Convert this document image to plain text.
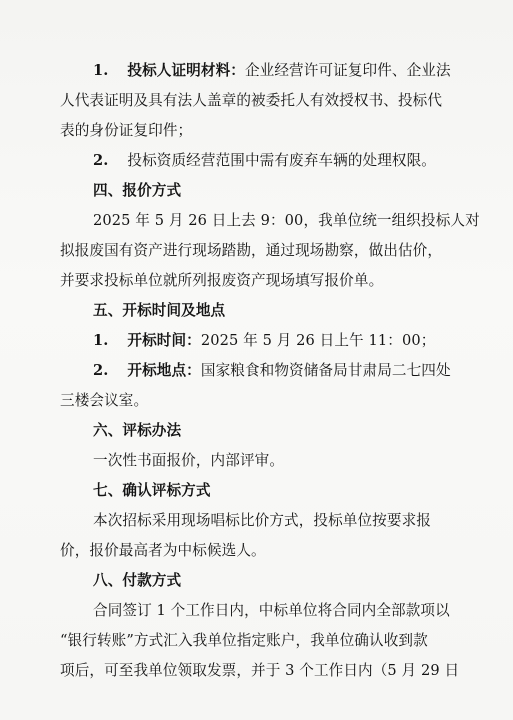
1. 投标人证明材料：企业经营许可证复印件、企业法
人代表证明及具有法人盖章的被委托人有效授权书、投标代
表的身份证复印件；
2. 投标资质经营范围中需有废弃车辆的处理权限。
四、报价方式
2025 年 5 月 26 日上去 9：00，我单位统一组织投标人对
拟报废国有资产进行现场踏勘，通过现场勘察，做出估价，
并要求投标单位就所列报废资产现场填写报价单。
五、开标时间及地点
1. 开标时间：2025 年 5 月 26 日上午 11：00；
2. 开标地点：国家粮食和物资储备局甘肃局二七四处
三楼会议室。
六、评标办法
一次性书面报价，内部评审。
七、确认评标方式
本次招标采用现场唱标比价方式，投标单位按要求报
价，报价最高者为中标候选人。
八、付款方式
合同签订 1 个工作日内，中标单位将合同内全部款项以
“银行转账”方式汇入我单位指定账户，我单位确认收到款
项后，可至我单位领取发票，并于 3 个工作日内（5 月 29 日
